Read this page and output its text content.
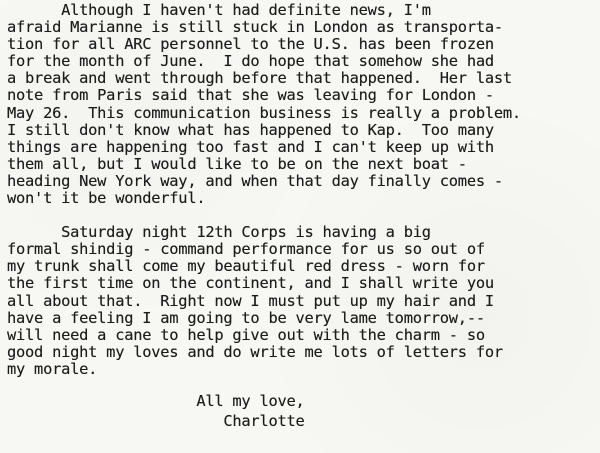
Although I haven't had definite news, I'm
afraid Marianne is still stuck in London as transporta-
tion for all ARC personnel to the U.S. has been frozen
for the month of June.  I do hope that somehow she had
a break and went through before that happened.  Her last
note from Paris said that she was leaving for London -
May 26.  This communication business is really a problem.
I still don't know what has happened to Kap.  Too many
things are happening too fast and I can't keep up with
them all, but I would like to be on the next boat -
heading New York way, and when that day finally comes -
won't it be wonderful.
Saturday night 12th Corps is having a big
formal shindig - command performance for us so out of
my trunk shall come my beautiful red dress - worn for
the first time on the continent, and I shall write you
all about that.  Right now I must put up my hair and I
have a feeling I am going to be very lame tomorrow,--
will need a cane to help give out with the charm - so
good night my loves and do write me lots of letters for
my morale.
All my love,
Charlotte
